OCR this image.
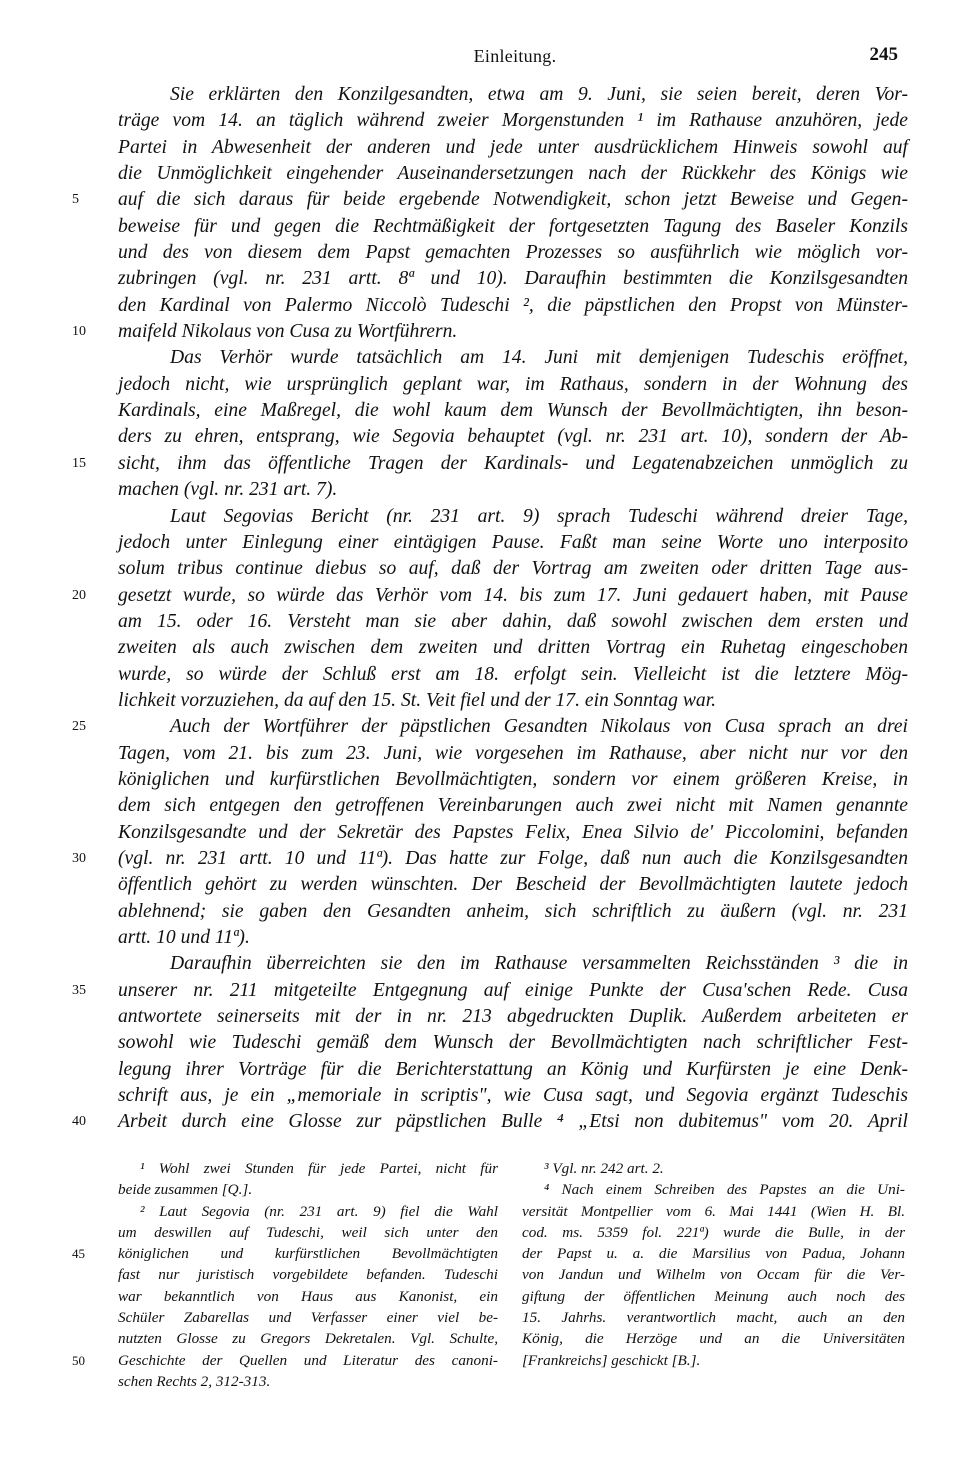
Einleitung.	245
Sie erklärten den Konzilgesandten, etwa am 9. Juni, sie seien bereit, deren Vor-
träge vom 14. an täglich während zweier Morgenstunden ¹ im Rathause anzuhören, jede
Partei in Abwesenheit der anderen und jede unter ausdrücklichem Hinweis sowohl auf
die Unmöglichkeit eingehender Auseinandersetzungen nach der Rückkehr des Königs wie
5	auf die sich daraus für beide ergebende Notwendigkeit, schon jetzt Beweise und Gegen-
beweise für und gegen die Rechtmäßigkeit der fortgesetzten Tagung des Baseler Konzils
und des von diesem dem Papst gemachten Prozesses so ausführlich wie möglich vor-
zubringen (vgl. nr. 231 artt. 8ª und 10). Daraufhin bestimmten die Konzilsgesandten
den Kardinal von Palermo Niccolò Tudeschi ², die päpstlichen den Propst von Münster-
10	maifeld Nikolaus von Cusa zu Wortführern.
Das Verhör wurde tatsächlich am 14. Juni mit demjenigen Tudeschis eröffnet,
jedoch nicht, wie ursprünglich geplant war, im Rathaus, sondern in der Wohnung des
Kardinals, eine Maßregel, die wohl kaum dem Wunsch der Bevollmächtigten, ihn beson-
ders zu ehren, entsprang, wie Segovia behauptet (vgl. nr. 231 art. 10), sondern der Ab-
15	sicht, ihm das öffentliche Tragen der Kardinals- und Legatenabzeichen unmöglich zu
machen (vgl. nr. 231 art. 7).
Laut Segovias Bericht (nr. 231 art. 9) sprach Tudeschi während dreier Tage,
jedoch unter Einlegung einer eintägigen Pause. Faßt man seine Worte uno interposito
solum tribus continue diebus so auf, daß der Vortrag am zweiten oder dritten Tage aus-
20	gesetzt wurde, so würde das Verhör vom 14. bis zum 17. Juni gedauert haben, mit Pause
am 15. oder 16. Versteht man sie aber dahin, daß sowohl zwischen dem ersten und
zweiten als auch zwischen dem zweiten und dritten Vortrag ein Ruhetag eingeschoben
wurde, so würde der Schluß erst am 18. erfolgt sein. Vielleicht ist die letztere Mög-
lichkeit vorzuziehen, da auf den 15. St. Veit fiel und der 17. ein Sonntag war.
25	Auch der Wortführer der päpstlichen Gesandten Nikolaus von Cusa sprach an drei
Tagen, vom 21. bis zum 23. Juni, wie vorgesehen im Rathause, aber nicht nur vor den
königlichen und kurfürstlichen Bevollmächtigten, sondern vor einem größeren Kreise, in
dem sich entgegen den getroffenen Vereinbarungen auch zwei nicht mit Namen genannte
Konzilsgesandte und der Sekretär des Papstes Felix, Enea Silvio de' Piccolomini, befanden
30	(vgl. nr. 231 artt. 10 und 11ª). Das hatte zur Folge, daß nun auch die Konzilsgesandten
öffentlich gehört zu werden wünschten. Der Bescheid der Bevollmächtigten lautete jedoch
ablehnend; sie gaben den Gesandten anheim, sich schriftlich zu äußern (vgl. nr. 231
artt. 10 und 11ª).
Daraufhin überreichten sie den im Rathause versammelten Reichsständen ³ die in
35	unserer nr. 211 mitgeteilte Entgegnung auf einige Punkte der Cusa'schen Rede. Cusa
antwortete seinerseits mit der in nr. 213 abgedruckten Duplik. Außerdem arbeiteten er
sowohl wie Tudeschi gemäß dem Wunsch der Bevollmächtigten nach schriftlicher Fest-
legung ihrer Vorträge für die Berichterstattung an König und Kurfürsten je eine Denk-
schrift aus, je ein „memoriale in scriptis", wie Cusa sagt, und Segovia ergänzt Tudeschis
40	Arbeit durch eine Glosse zur päpstlichen Bulle ⁴ „Etsi non dubitemus" vom 20. April
¹ Wohl zwei Stunden für jede Partei, nicht für
beide zusammen [Q.].
² Laut Segovia (nr. 231 art. 9) fiel die Wahl
um deswillen auf Tudeschi, weil sich unter den
45 königlichen und kurfürstlichen Bevollmächtigten
fast nur juristisch vorgebildete befanden. Tudeschi
war bekanntlich von Haus aus Kanonist, ein
Schüler Zabarellas und Verfasser einer viel be-
nutzten Glosse zu Gregors Dekretalen. Vgl. Schulte,
50 Geschichte der Quellen und Literatur des canoni-
schen Rechts 2, 312-313.
³ Vgl. nr. 242 art. 2.
⁴ Nach einem Schreiben des Papstes an die Uni-
versität Montpellier vom 6. Mai 1441 (Wien H. Bl.
cod. ms. 5359 fol. 221ª) wurde die Bulle, in der
der Papst u. a. die Marsilius von Padua, Johann
von Jandun und Wilhelm von Occam für die Ver-
giftung der öffentlichen Meinung auch noch des
15. Jahrhs. verantwortlich macht, auch an den
König, die Herzöge und an die Universitäten
[Frankreichs] geschickt [B.].
